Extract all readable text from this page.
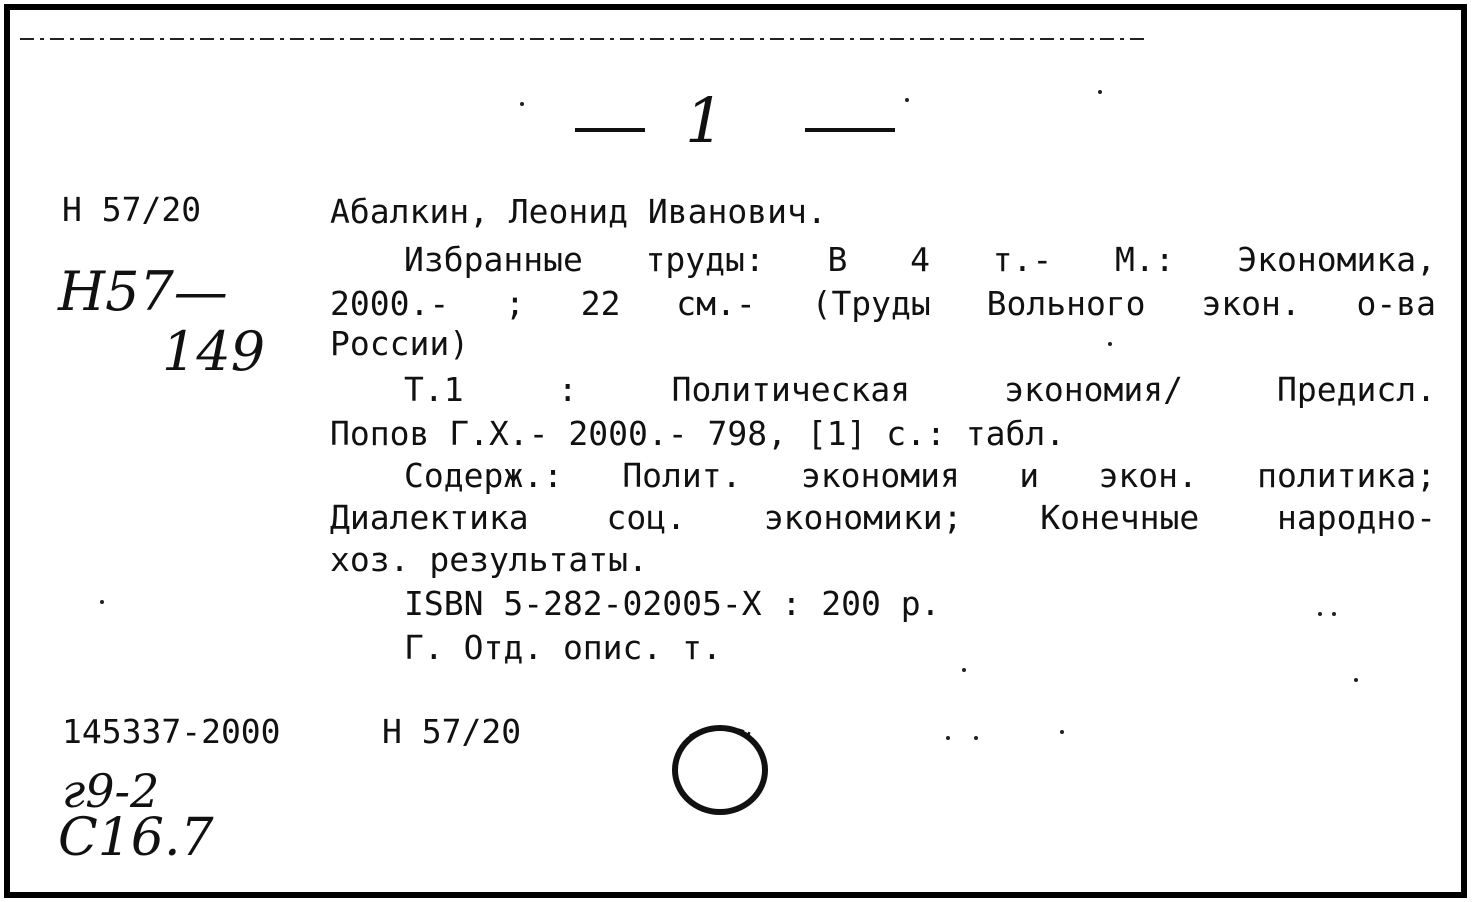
1
Н 57/20
Н57—
149
Абалкин, Леонид Иванович.
Избранные труды: В 4 т.- М.: Экономика,
2000.- ; 22 см.- (Труды Вольного экон. о-ва
России)
Т.1 : Политическая экономия/ Предисл.
Попов Г.Х.- 2000.- 798, [1] с.: табл.
Содерж.: Полит. экономия и экон. политика;
Диалектика соц. экономики; Конечные народно-
хоз. результаты.
ISBN 5-282-02005-X : 200 р.
Г. Отд. опис. т.
145337-2000	Н 57/20
г9-2
С16.7
